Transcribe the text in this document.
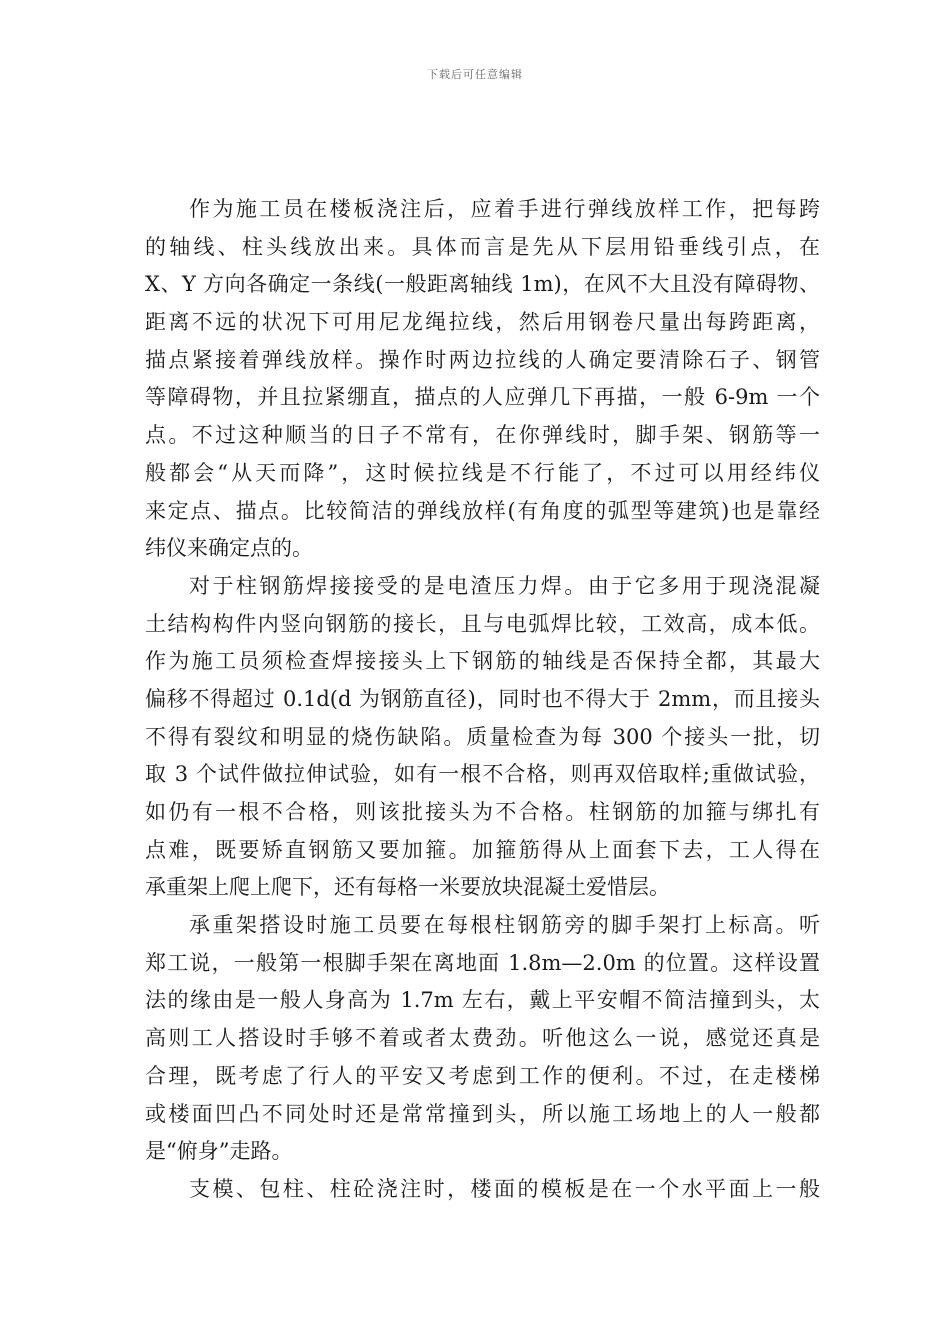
下载后可任意编辑
作为施工员在楼板浇注后，应着手进行弹线放样工作，把每跨
的轴线、柱头线放出来。具体而言是先从下层用铅垂线引点，在
X、Y 方向各确定一条线(一般距离轴线 1m)，在风不大且没有障碍物、
距离不远的状况下可用尼龙绳拉线，然后用钢卷尺量出每跨距离，
描点紧接着弹线放样。操作时两边拉线的人确定要清除石子、钢管
等障碍物，并且拉紧绷直，描点的人应弹几下再描，一般 6-9m 一个
点。不过这种顺当的日子不常有，在你弹线时，脚手架、钢筋等一
般都会“从天而降”，这时候拉线是不行能了，不过可以用经纬仪
来定点、描点。比较简洁的弹线放样(有角度的弧型等建筑)也是靠经
纬仪来确定点的。
对于柱钢筋焊接接受的是电渣压力焊。由于它多用于现浇混凝
土结构构件内竖向钢筋的接长，且与电弧焊比较，工效高，成本低。
作为施工员须检查焊接接头上下钢筋的轴线是否保持全都，其最大
偏移不得超过 0.1d(d 为钢筋直径)，同时也不得大于 2mm，而且接头
不得有裂纹和明显的烧伤缺陷。质量检查为每 300 个接头一批，切
取 3 个试件做拉伸试验，如有一根不合格，则再双倍取样;重做试验，
如仍有一根不合格，则该批接头为不合格。柱钢筋的加箍与绑扎有
点难，既要矫直钢筋又要加箍。加箍筋得从上面套下去，工人得在
承重架上爬上爬下，还有每格一米要放块混凝土爱惜层。
承重架搭设时施工员要在每根柱钢筋旁的脚手架打上标高。听
郑工说，一般第一根脚手架在离地面 1.8m—2.0m 的位置。这样设置
法的缘由是一般人身高为 1.7m 左右，戴上平安帽不简洁撞到头，太
高则工人搭设时手够不着或者太费劲。听他这么一说，感觉还真是
合理，既考虑了行人的平安又考虑到工作的便利。不过，在走楼梯
或楼面凹凸不同处时还是常常撞到头，所以施工场地上的人一般都
是“俯身”走路。
支模、包柱、柱砼浇注时，楼面的模板是在一个水平面上一般
